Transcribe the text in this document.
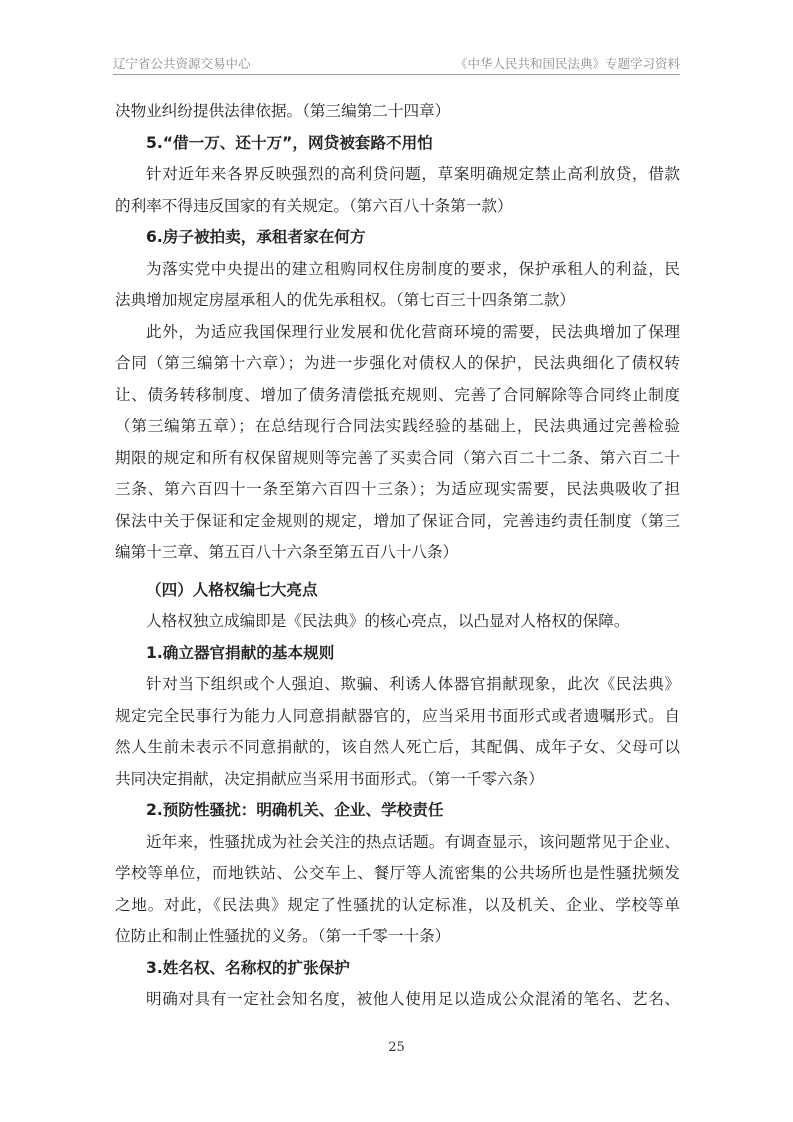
辽宁省公共资源交易中心	《中华人民共和国民法典》专题学习资料
决物业纠纷提供法律依据。（第三编第二十四章）
5.“借一万、还十万”，网贷被套路不用怕
针对近年来各界反映强烈的高利贷问题，草案明确规定禁止高利放贷，借款
的利率不得违反国家的有关规定。（第六百八十条第一款）
6.房子被拍卖，承租者家在何方
为落实党中央提出的建立租购同权住房制度的要求，保护承租人的利益，民
法典增加规定房屋承租人的优先承租权。（第七百三十四条第二款）
此外，为适应我国保理行业发展和优化营商环境的需要，民法典增加了保理
合同（第三编第十六章）；为进一步强化对债权人的保护，民法典细化了债权转
让、债务转移制度、增加了债务清偿抵充规则、完善了合同解除等合同终止制度
（第三编第五章）；在总结现行合同法实践经验的基础上，民法典通过完善检验
期限的规定和所有权保留规则等完善了买卖合同（第六百二十二条、第六百二十
三条、第六百四十一条至第六百四十三条）；为适应现实需要，民法典吸收了担
保法中关于保证和定金规则的规定，增加了保证合同，完善违约责任制度（第三
编第十三章、第五百八十六条至第五百八十八条）
（四）人格权编七大亮点
人格权独立成编即是《民法典》的核心亮点，以凸显对人格权的保障。
1.确立器官捐献的基本规则
针对当下组织或个人强迫、欺骗、利诱人体器官捐献现象，此次《民法典》
规定完全民事行为能力人同意捐献器官的，应当采用书面形式或者遗嘱形式。自
然人生前未表示不同意捐献的，该自然人死亡后，其配偶、成年子女、父母可以
共同决定捐献，决定捐献应当采用书面形式。（第一千零六条）
2.预防性骚扰：明确机关、企业、学校责任
近年来，性骚扰成为社会关注的热点话题。有调查显示，该问题常见于企业、
学校等单位，而地铁站、公交车上、餐厅等人流密集的公共场所也是性骚扰频发
之地。对此，《民法典》规定了性骚扰的认定标准，以及机关、企业、学校等单
位防止和制止性骚扰的义务。（第一千零一十条）
3.姓名权、名称权的扩张保护
明确对具有一定社会知名度，被他人使用足以造成公众混淆的笔名、艺名、
25
